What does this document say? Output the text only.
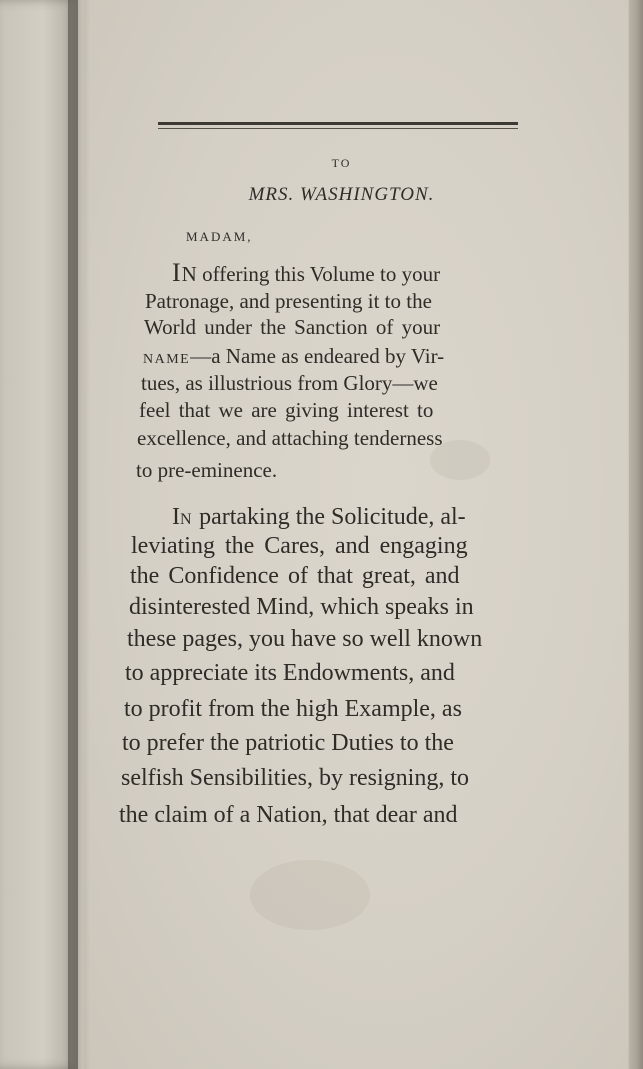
TO

MRS. WASHINGTON.

MADAM,

IN offering this Volume to your

Patronage, and presenting it to the

World under the Sanction of your

NAME—a Name as endeared by Vir-

tues, as illustrious from Glory—we

feel that we are giving interest to

excellence, and attaching tenderness

to pre-eminence.

IN partaking the Solicitude, al-

leviating the Cares, and engaging

the Confidence of that great, and

disinterested Mind, which speaks in

these pages, you have so well known

to appreciate its Endowments, and

to profit from the high Example, as

to prefer the patriotic Duties to the

selfish Sensibilities, by resigning, to

the claim of a Nation, that dear and
